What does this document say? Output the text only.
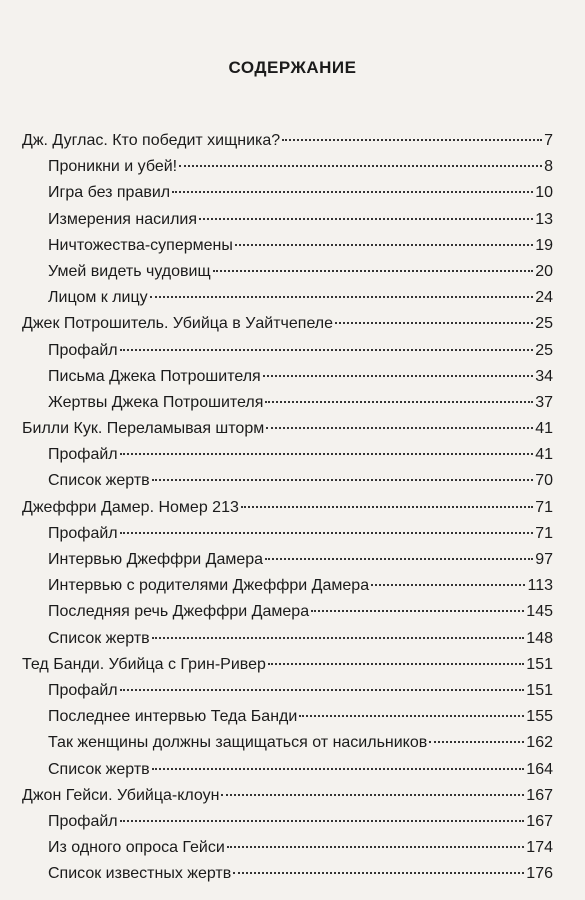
СОДЕРЖАНИЕ
Дж. Дуглас. Кто победит хищника?	7
Проникни и убей!	8
Игра без правил	10
Измерения насилия	13
Ничтожества-супермены	19
Умей видеть чудовищ	20
Лицом к лицу	24
Джек Потрошитель. Убийца в Уайтчепеле	25
Профайл	25
Письма Джека Потрошителя	34
Жертвы Джека Потрошителя	37
Билли Кук. Переламывая шторм	41
Профайл	41
Список жертв	70
Джеффри Дамер. Номер 213	71
Профайл	71
Интервью Джеффри Дамера	97
Интервью с родителями Джеффри Дамера	113
Последняя речь Джеффри Дамера	145
Список жертв	148
Тед Банди. Убийца с Грин-Ривер	151
Профайл	151
Последнее интервью Теда Банди	155
Так женщины должны защищаться от насильников	162
Список жертв	164
Джон Гейси. Убийца-клоун	167
Профайл	167
Из одного опроса Гейси	174
Список известных жертв	176
